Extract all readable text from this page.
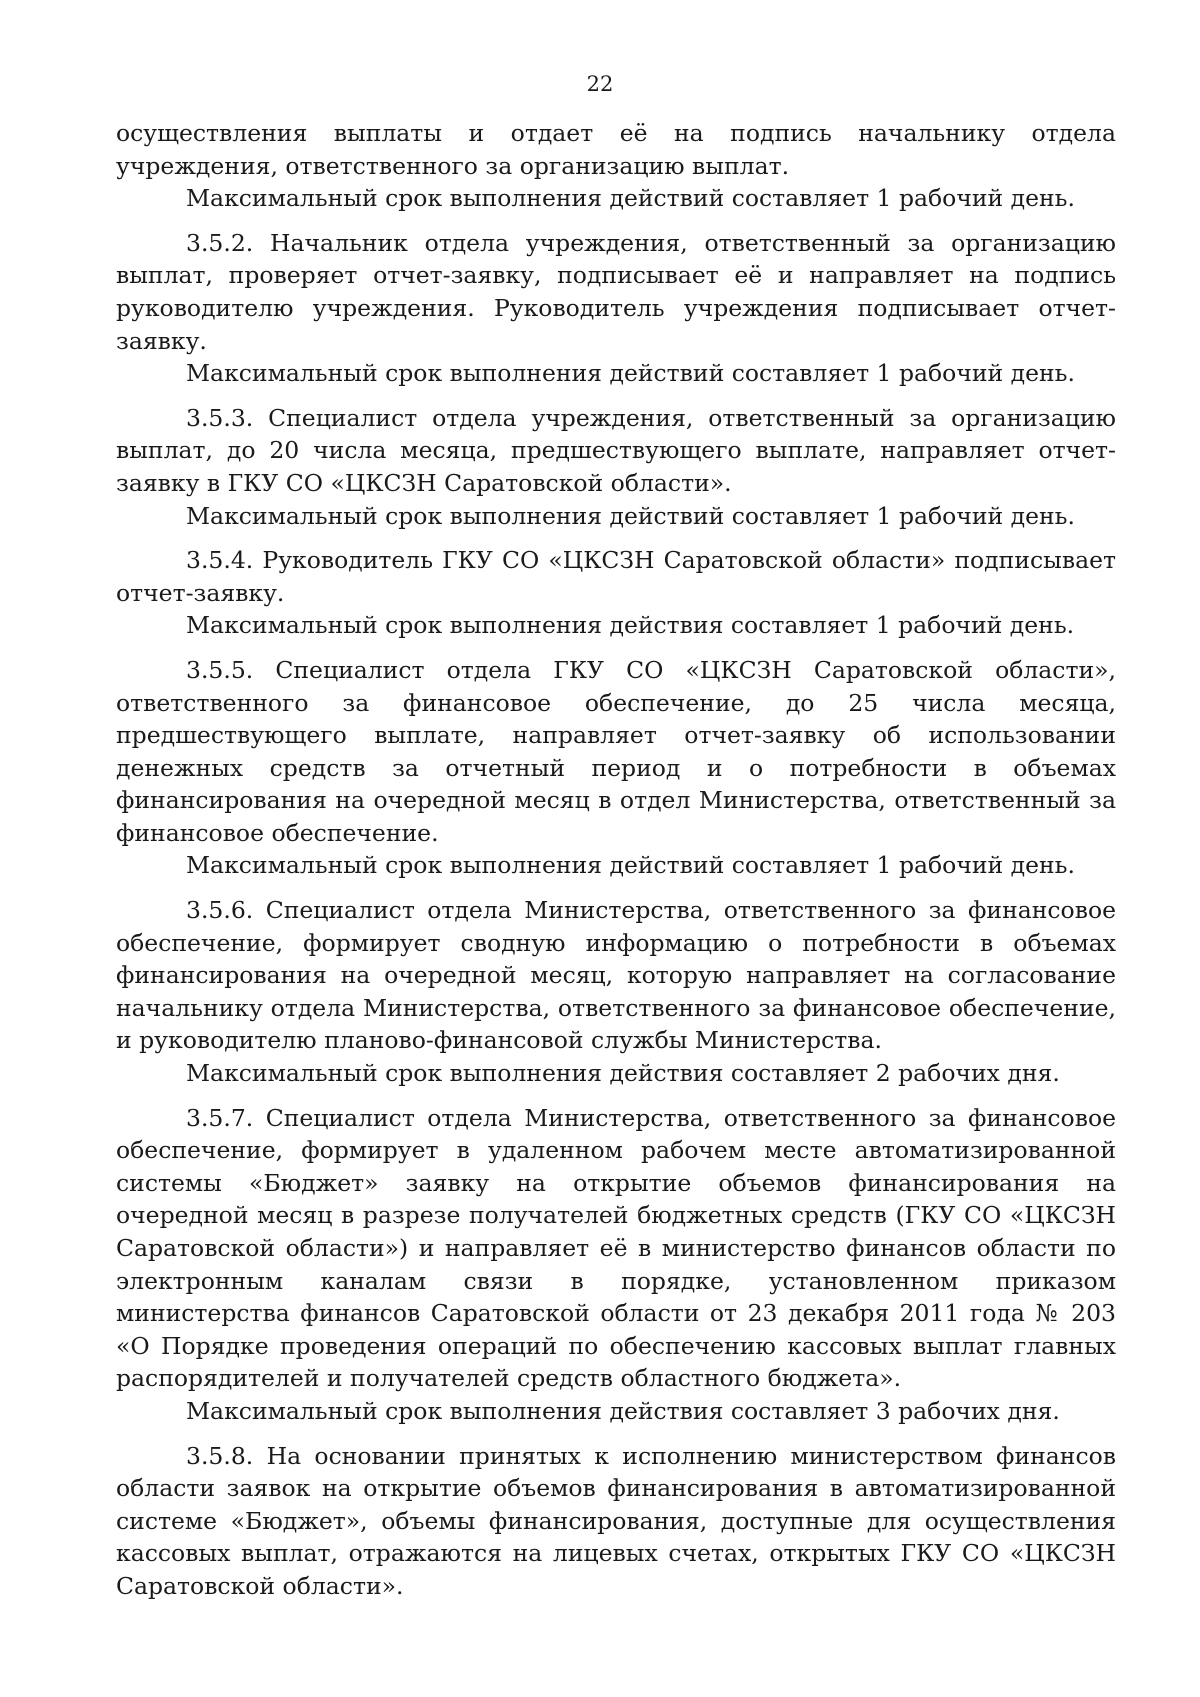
22

осуществления выплаты и отдает её на подпись начальнику отдела учреждения, ответственного за организацию выплат.

Максимальный срок выполнения действий составляет 1 рабочий день.

3.5.2. Начальник отдела учреждения, ответственный за организацию выплат, проверяет отчет-заявку, подписывает её и направляет на подпись руководителю учреждения. Руководитель учреждения подписывает отчет-заявку.

Максимальный срок выполнения действий составляет 1 рабочий день.

3.5.3. Специалист отдела учреждения, ответственный за организацию выплат, до 20 числа месяца, предшествующего выплате, направляет отчет-заявку в ГКУ СО «ЦКСЗН Саратовской области».

Максимальный срок выполнения действий составляет 1 рабочий день.

3.5.4. Руководитель ГКУ СО «ЦКСЗН Саратовской области» подписывает отчет-заявку.

Максимальный срок выполнения действия составляет 1 рабочий день.

3.5.5. Специалист отдела ГКУ СО «ЦКСЗН Саратовской области», ответственного за финансовое обеспечение, до 25 числа месяца, предшествующего выплате, направляет отчет-заявку об использовании денежных средств за отчетный период и о потребности в объемах финансирования на очередной месяц в отдел Министерства, ответственный за финансовое обеспечение.

Максимальный срок выполнения действий составляет 1 рабочий день.

3.5.6. Специалист отдела Министерства, ответственного за финансовое обеспечение, формирует сводную информацию о потребности в объемах финансирования на очередной месяц, которую направляет на согласование начальнику отдела Министерства, ответственного за финансовое обеспечение, и руководителю планово-финансовой службы Министерства.

Максимальный срок выполнения действия составляет 2 рабочих дня.

3.5.7. Специалист отдела Министерства, ответственного за финансовое обеспечение, формирует в удаленном рабочем месте автоматизированной системы «Бюджет» заявку на открытие объемов финансирования на очередной месяц в разрезе получателей бюджетных средств (ГКУ СО «ЦКСЗН Саратовской области») и направляет её в министерство финансов области по электронным каналам связи в порядке, установленном приказом министерства финансов Саратовской области от 23 декабря 2011 года № 203 «О Порядке проведения операций по обеспечению кассовых выплат главных распорядителей и получателей средств областного бюджета».

Максимальный срок выполнения действия составляет 3 рабочих дня.

3.5.8. На основании принятых к исполнению министерством финансов области заявок на открытие объемов финансирования в автоматизированной системе «Бюджет», объемы финансирования, доступные для осуществления кассовых выплат, отражаются на лицевых счетах, открытых ГКУ СО «ЦКСЗН Саратовской области».
